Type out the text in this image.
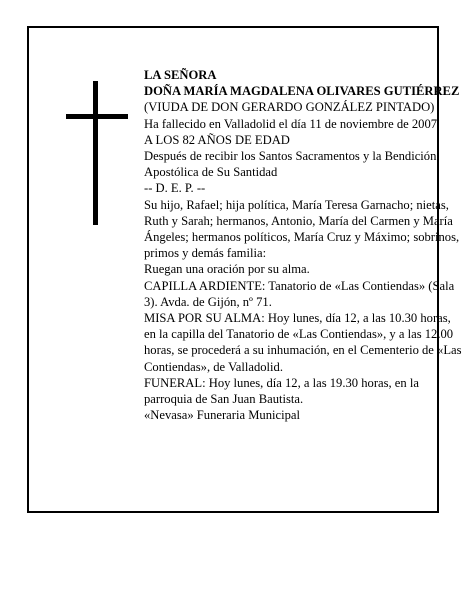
LA SEÑORA

DOÑA MARÍA MAGDALENA OLIVARES GUTIÉRREZ

(VIUDA DE DON GERARDO GONZÁLEZ PINTADO)

Ha fallecido en Valladolid el día 11 de noviembre de 2007

A LOS 82 AÑOS DE EDAD

Después de recibir los Santos Sacramentos y la Bendición Apostólica de Su Santidad

-- D. E. P. --

Su hijo, Rafael; hija política, María Teresa Garnacho; nietas, Ruth y Sarah; hermanos, Antonio, María del Carmen y María Ángeles; hermanos políticos, María Cruz y Máximo; sobrinos, primos y demás familia:

Ruegan una oración por su alma.

CAPILLA ARDIENTE: Tanatorio de «Las Contiendas» (Sala 3). Avda. de Gijón, nº 71.

MISA POR SU ALMA: Hoy lunes, día 12, a las 10.30 horas, en la capilla del Tanatorio de «Las Contiendas», y a las 12.00 horas, se procederá a su inhumación, en el Cementerio de «Las Contiendas», de Valladolid.

FUNERAL: Hoy lunes, día 12, a las 19.30 horas, en la parroquia de San Juan Bautista.

«Nevasa» Funeraria Municipal
